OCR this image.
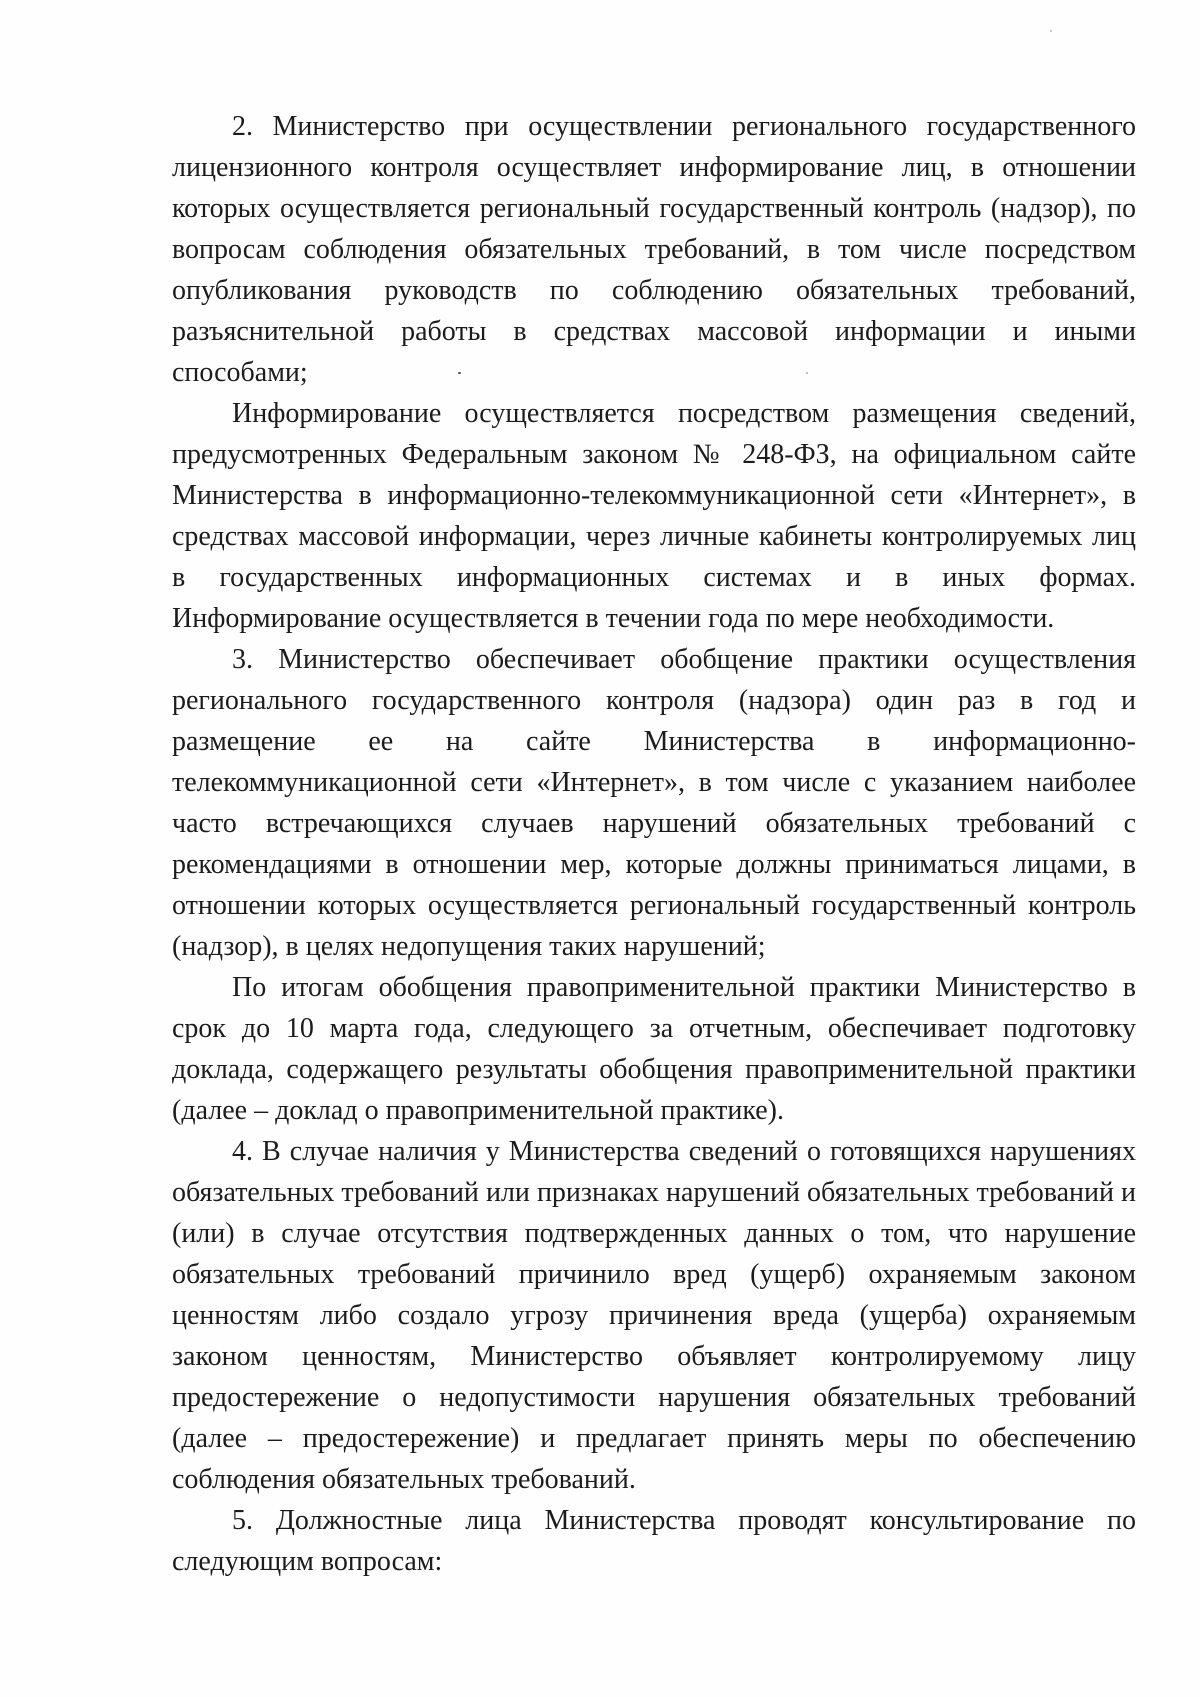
2. Министерство при осуществлении регионального государственного лицензионного контроля осуществляет информирование лиц, в отношении которых осуществляется региональный государственный контроль (надзор), по вопросам соблюдения обязательных требований, в том числе посредством опубликования руководств по соблюдению обязательных требований, разъяснительной работы в средствах массовой информации и иными способами;

Информирование осуществляется посредством размещения сведений, предусмотренных Федеральным законом № 248-ФЗ, на официальном сайте Министерства в информационно-телекоммуникационной сети «Интернет», в средствах массовой информации, через личные кабинеты контролируемых лиц в государственных информационных системах и в иных формах. Информирование осуществляется в течении года по мере необходимости.

3. Министерство обеспечивает обобщение практики осуществления регионального государственного контроля (надзора) один раз в год и размещение ее на сайте Министерства в информационно-телекоммуникационной сети «Интернет», в том числе с указанием наиболее часто встречающихся случаев нарушений обязательных требований с рекомендациями в отношении мер, которые должны приниматься лицами, в отношении которых осуществляется региональный государственный контроль (надзор), в целях недопущения таких нарушений;

По итогам обобщения правоприменительной практики Министерство в срок до 10 марта года, следующего за отчетным, обеспечивает подготовку доклада, содержащего результаты обобщения правоприменительной практики (далее – доклад о правоприменительной практике).

4. В случае наличия у Министерства сведений о готовящихся нарушениях обязательных требований или признаках нарушений обязательных требований и (или) в случае отсутствия подтвержденных данных о том, что нарушение обязательных требований причинило вред (ущерб) охраняемым законом ценностям либо создало угрозу причинения вреда (ущерба) охраняемым законом ценностям, Министерство объявляет контролируемому лицу предостережение о недопустимости нарушения обязательных требований (далее – предостережение) и предлагает принять меры по обеспечению соблюдения обязательных требований.

5. Должностные лица Министерства проводят консультирование по следующим вопросам:
